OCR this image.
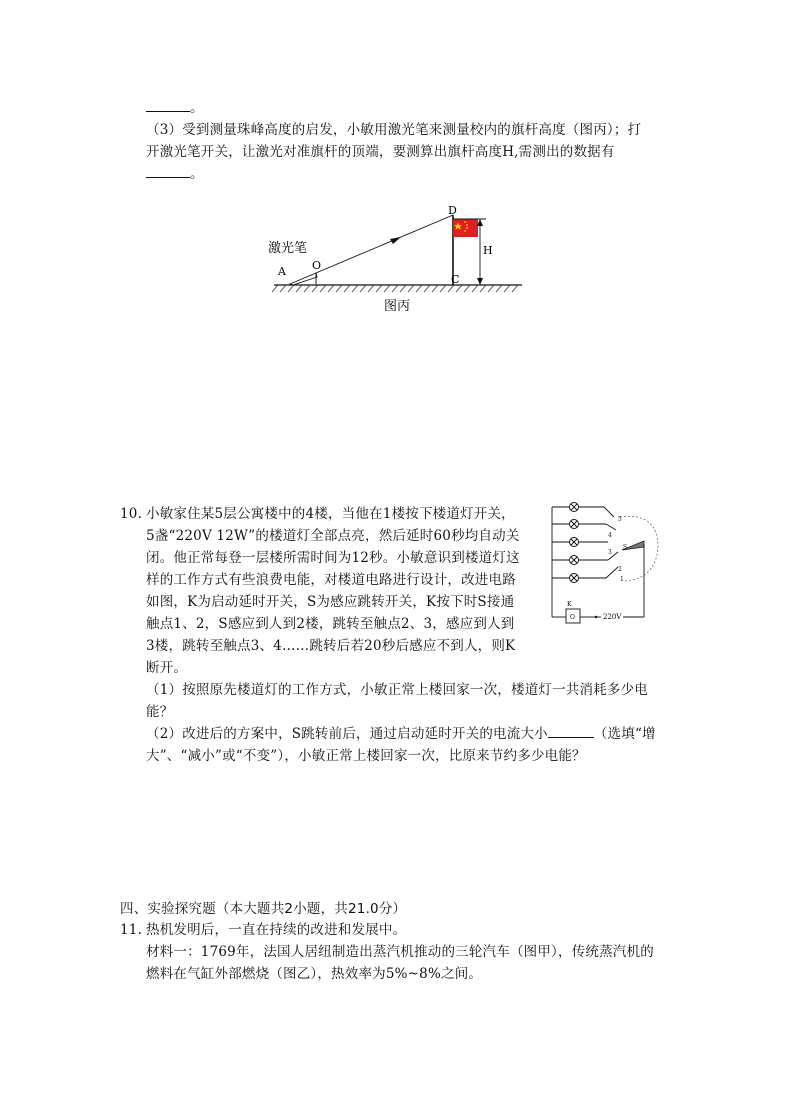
。
（3）受到测量珠峰高度的启发，小敏用激光笔来测量校内的旗杆高度（图丙）；打
开激光笔开关，让激光对准旗杆的顶端，要测算出旗杆高度H,需测出的数据有
。
激光笔
A O
D
C
H
图丙
10. 小敏家住某5层公寓楼中的4楼，当他在1楼按下楼道灯开关，
5盏“220V 12W”的楼道灯全部点亮，然后延时60秒均自动关
闭。他正常每登一层楼所需时间为12秒。小敏意识到楼道灯这
样的工作方式有些浪费电能，对楼道电路进行设计，改进电路
如图，K为启动延时开关，S为感应跳转开关，K按下时S接通
触点1、2，S感应到人到2楼，跳转至触点2、3，感应到人到
3楼，跳转至触点3、4……跳转后若20秒后感应不到人，则K
断开。
5
4
3
2
1
S
K
O	220V
（1）按照原先楼道灯的工作方式，小敏正常上楼回家一次，楼道灯一共消耗多少电
能？
（2）改进后的方案中，S跳转前后，通过启动延时开关的电流大小	（选填“增
大”、“减小”或“不变”），小敏正常上楼回家一次，比原来节约多少电能？
四、实验探究题（本大题共2小题，共21.0分）
11. 热机发明后，一直在持续的改进和发展中。
材料一：1769年，法国人居纽制造出蒸汽机推动的三轮汽车（图甲），传统蒸汽机的
燃料在气缸外部燃烧（图乙），热效率为5%~8%之间。
